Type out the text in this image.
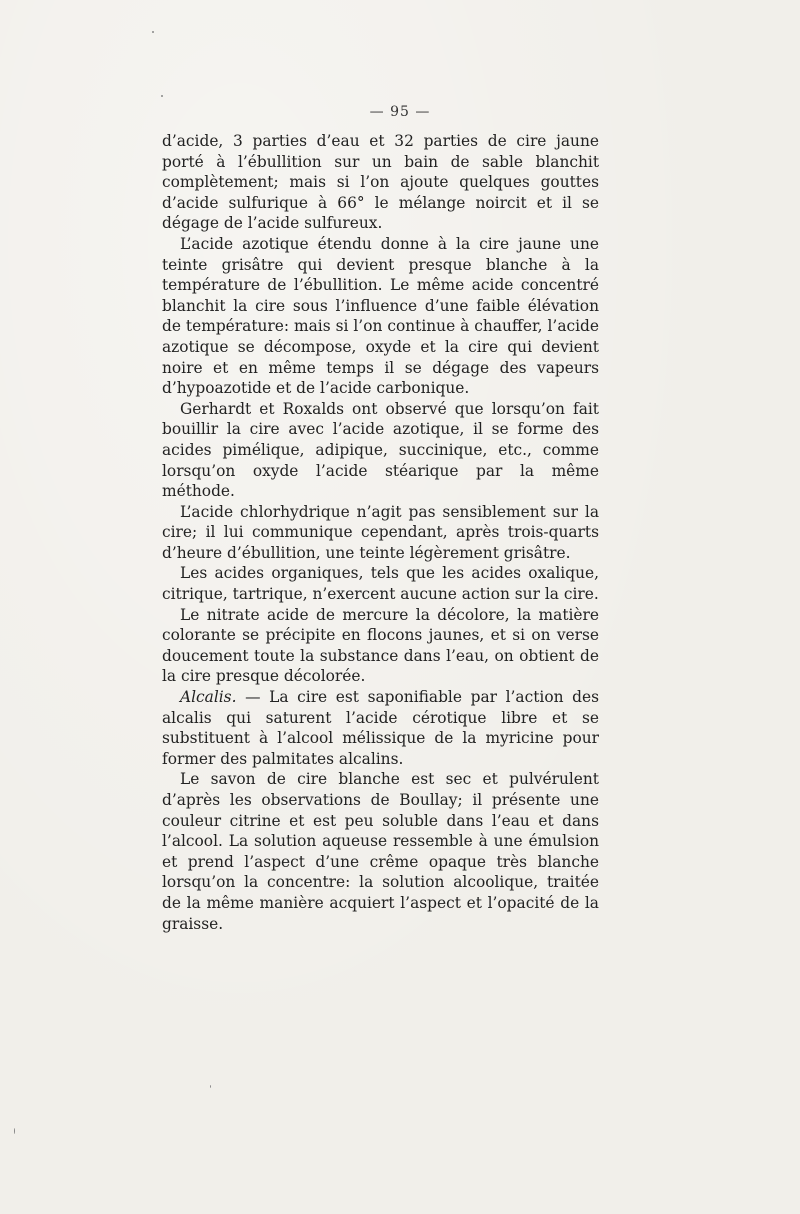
— 95 —

d’acide, 3 parties d’eau et 32 parties de cire jaune porté à l’ébullition sur un bain de sable blanchit complètement; mais si l’on ajoute quelques gouttes d’acide sulfurique à 66° le mélange noircit et il se dégage de l’acide sulfureux.

L’acide azotique étendu donne à la cire jaune une teinte grisâtre qui devient presque blanche à la température de l’ébullition. Le même acide concentré blanchit la cire sous l’influence d’une faible élévation de température: mais si l’on continue à chauffer, l’acide azotique se décompose, oxyde et la cire qui devient noire et en même temps il se dégage des vapeurs d’hypoazotide et de l’acide carbonique.

Gerhardt et Roxalds ont observé que lorsqu’on fait bouillir la cire avec l’acide azotique, il se forme des acides pimélique, adipique, succinique, etc., comme lorsqu’on oxyde l’acide stéarique par la même méthode.

L’acide chlorhydrique n’agit pas sensiblement sur la cire; il lui communique cependant, après trois-quarts d’heure d’ébullition, une teinte légèrement grisâtre.

Les acides organiques, tels que les acides oxalique, citrique, tartrique, n’exercent aucune action sur la cire.

Le nitrate acide de mercure la décolore, la matière colorante se précipite en flocons jaunes, et si on verse doucement toute la substance dans l’eau, on obtient de la cire presque décolorée.

Alcalis. — La cire est saponifiable par l’action des alcalis qui saturent l’acide cérotique libre et se substituent à l’alcool mélissique de la myricine pour former des palmitates alcalins.

Le savon de cire blanche est sec et pulvérulent d’après les observations de Boullay; il présente une couleur citrine et est peu soluble dans l’eau et dans l’alcool. La solution aqueuse ressemble à une émulsion et prend l’aspect d’une crême opaque très blanche lorsqu’on la concentre: la solution alcoolique, traitée de la même manière acquiert l’aspect et l’opacité de la graisse.
